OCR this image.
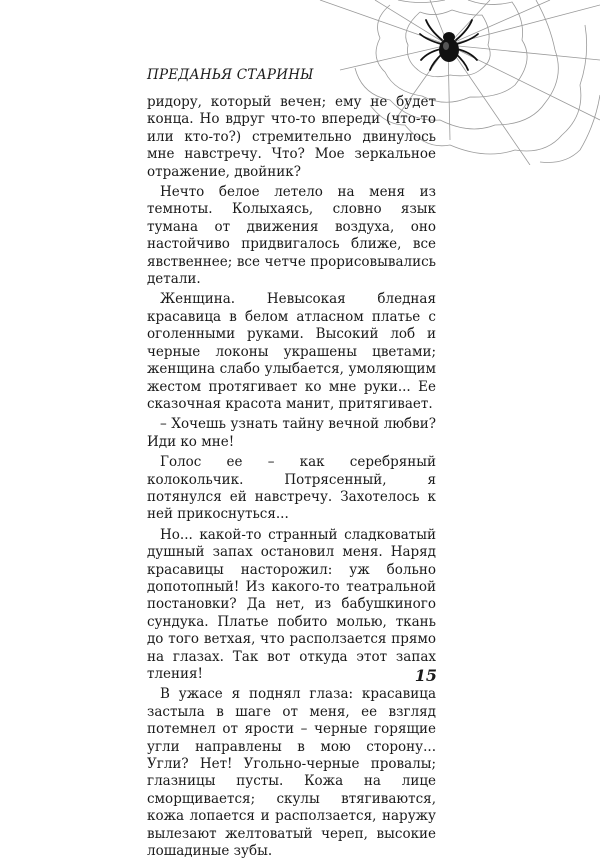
ПРЕДАНЬЯ СТАРИНЫ

ридору, который вечен; ему не будет конца. Но вдруг что-то впереди (что-то или кто-то?) стремительно двинулось мне навстречу. Что? Мое зеркальное отражение, двойник?

Нечто белое летело на меня из темноты. Колыхаясь, словно язык тумана от движения воздуха, оно настойчиво придвигалось ближе, все явственнее; все четче прорисовывались детали.

Женщина. Невысокая бледная красавица в белом атласном платье с оголенными руками. Высокий лоб и черные локоны украшены цветами; женщина слабо улыбается, умоляющим жестом протягивает ко мне руки... Ее сказочная красота манит, притягивает.

– Хочешь узнать тайну вечной любви? Иди ко мне!

Голос ее – как серебряный колокольчик. Потрясенный, я потянулся ей навстречу. Захотелось к ней прикоснуться...

Но... какой-то странный сладковатый душный запах остановил меня. Наряд красавицы насторожил: уж больно допотопный! Из какого-то театральной постановки? Да нет, из бабушкиного сундука. Платье побито молью, ткань до того ветхая, что расползается прямо на глазах. Так вот откуда этот запах тления!

В ужасе я поднял глаза: красавица застыла в шаге от меня, ее взгляд потемнел от ярости – черные горящие угли направлены в мою сторону... Угли? Нет! Угольно-черные провалы; глазницы пусты. Кожа на лице сморщивается; скулы втягиваются, кожа лопается и расползается, наружу вылезают желтоватый череп, высокие лошадиные зубы.

15
